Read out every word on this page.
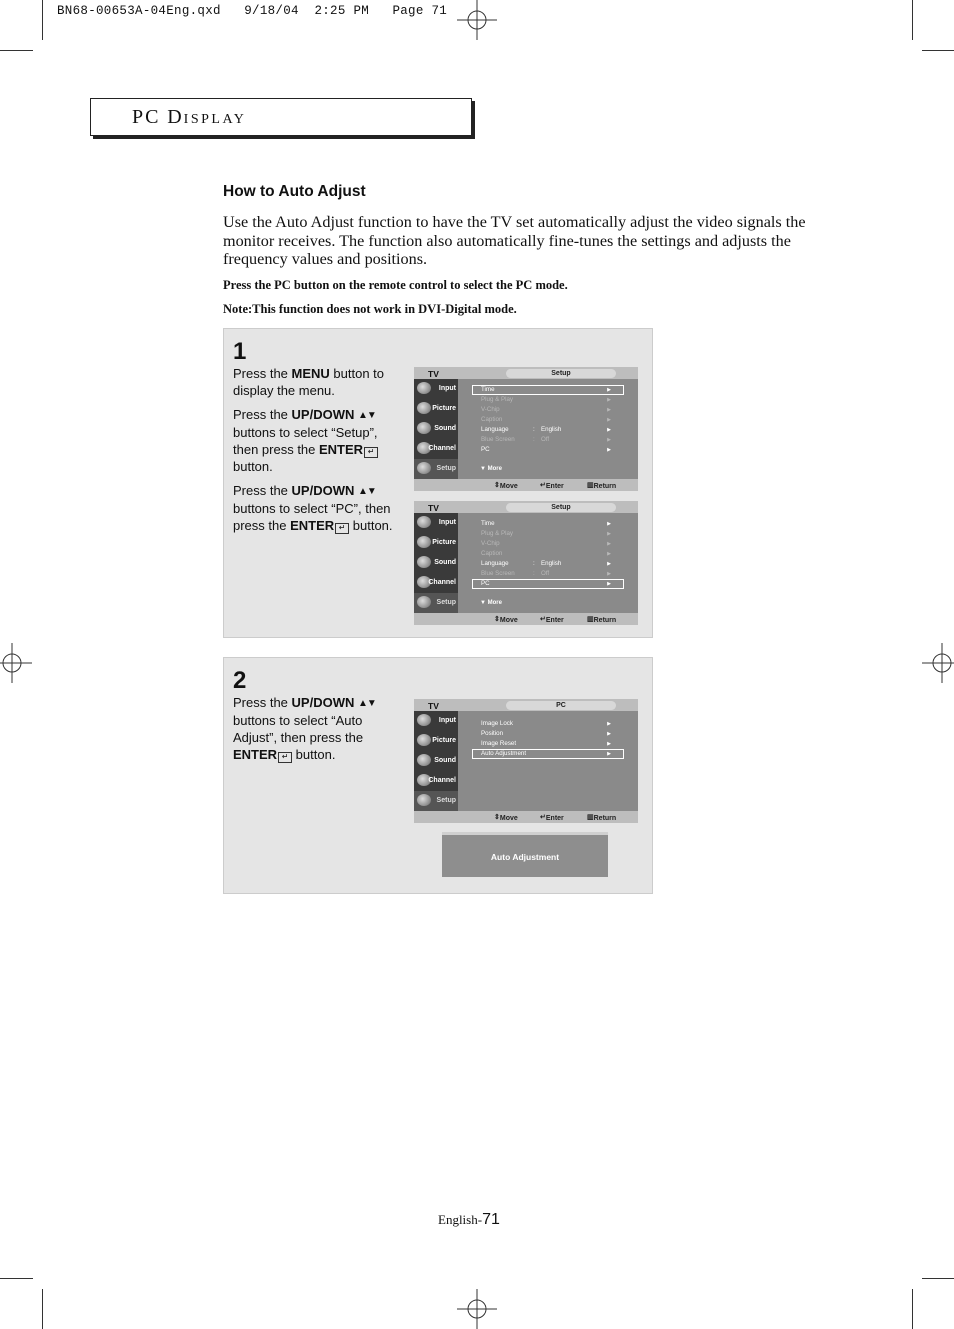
BN68-00653A-04Eng.qxd   9/18/04  2:25 PM   Page 71
PC DISPLAY
How to Auto Adjust
Use the Auto Adjust function to have the TV set automatically adjust the video signals the monitor receives. The function also automatically fine-tunes the settings and adjusts the frequency values and positions.
Press the PC button on the remote control to select the PC mode.
Note:This function does not work in DVI-Digital mode.
1

Press the MENU button to display the menu.

Press the UP/DOWN ▲▼ buttons to select “Setup”, then press the ENTER ↵ button.

Press the UP/DOWN ▲▼ buttons to select “PC”, then press the ENTER ↵ button.

TV	Setup
Input
Picture
Sound
Channel
Setup
Time	▶
Plug & Play	▶
V-Chip	▶
Caption	▶
Language	: English	▶
Blue Screen	: Off	▶
PC	▶
▼ More
⇕ Move	↵ Enter	▥ Return
TV	Setup
Input
Picture
Sound
Channel
Setup
Time	▶
Plug & Play	▶
V-Chip	▶
Caption	▶
Language	: English	▶
Blue Screen	: Off	▶
PC	▶
▼ More
⇕ Move	↵ Enter	▥ Return
2

Press the UP/DOWN ▲▼ buttons to select “Auto Adjust”, then press the ENTER ↵ button.

TV	PC
Input
Picture
Sound
Channel
Setup
Image Lock	▶
Position	▶
Image Reset	▶
Auto Adjustment	▶
⇕ Move	↵ Enter	▥ Return
Auto Adjustment
English-71
